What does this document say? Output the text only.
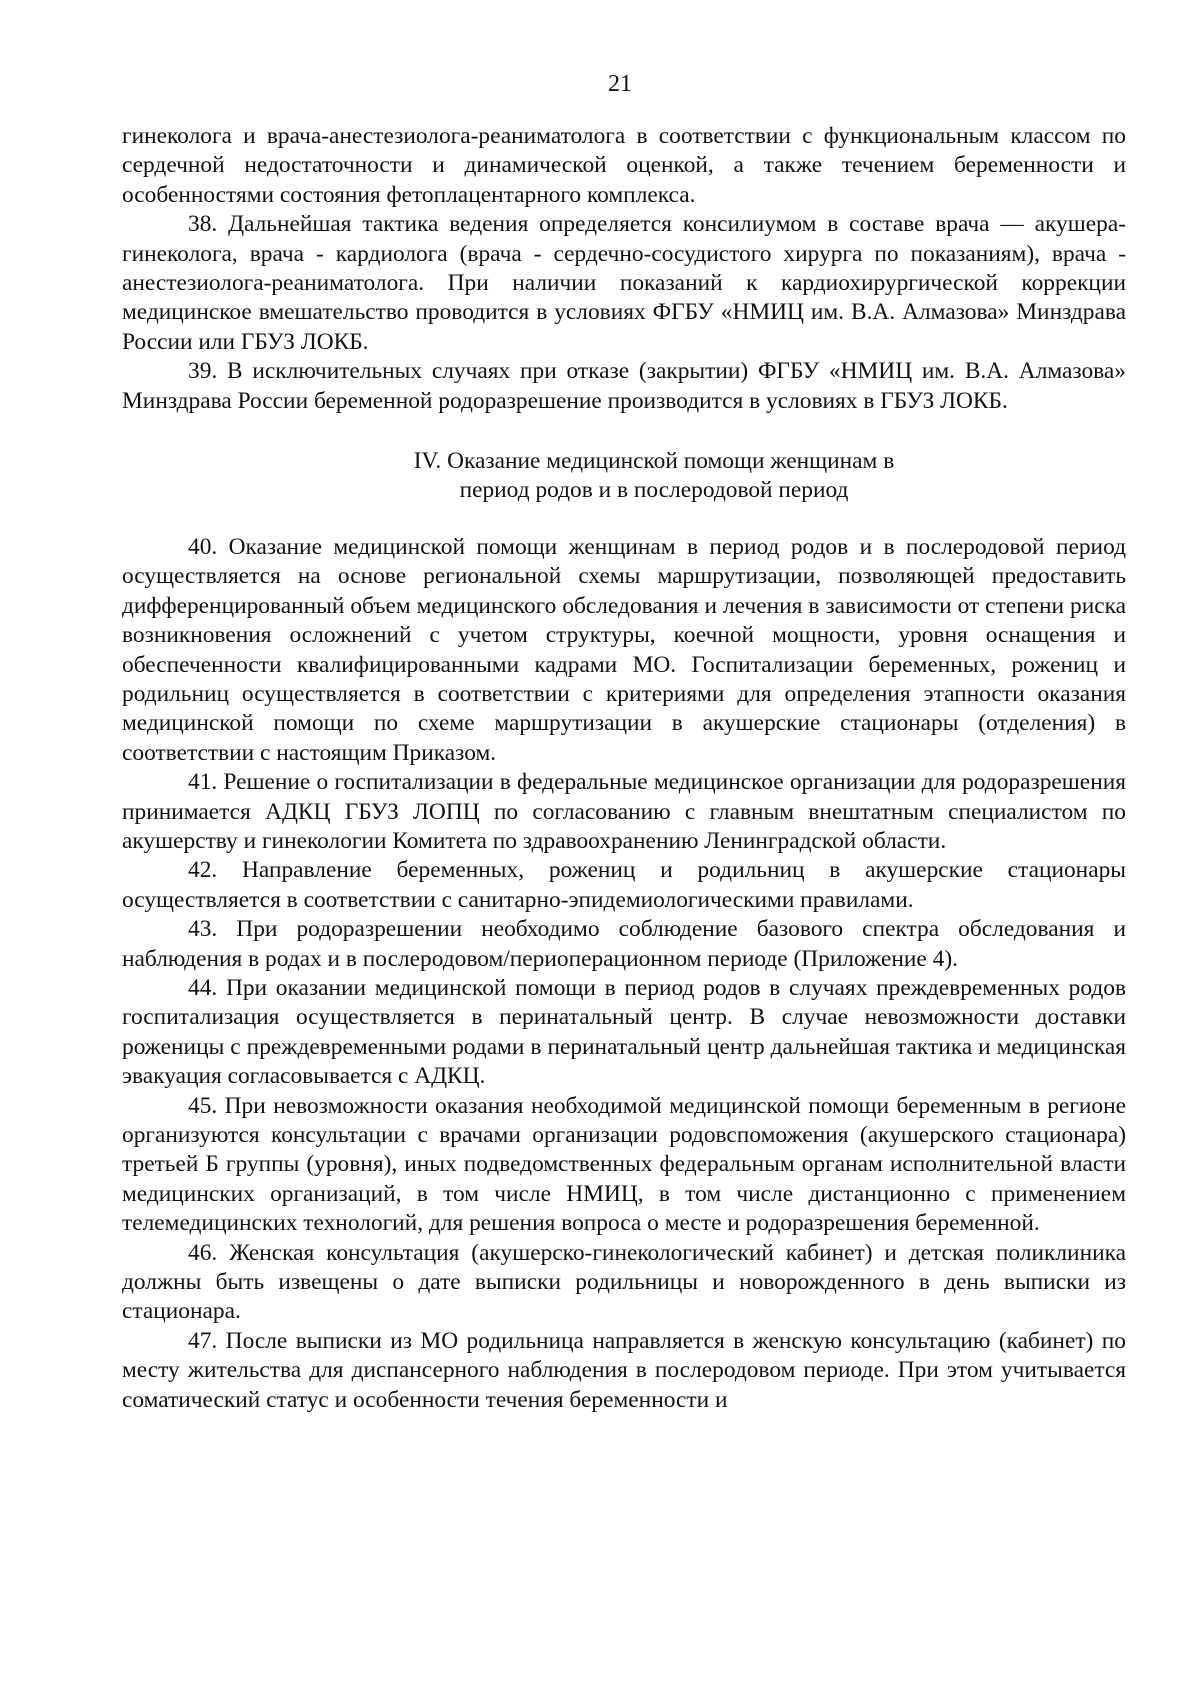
21

гинеколога и врача-анестезиолога-реаниматолога в соответствии с функциональным классом по сердечной недостаточности и динамической оценкой, а также течением беременности и особенностями состояния фетоплацентарного комплекса.

38. Дальнейшая тактика ведения определяется консилиумом в составе врача — акушера-гинеколога, врача - кардиолога (врача - сердечно-сосудистого хирурга по показаниям), врача - анестезиолога-реаниматолога. При наличии показаний к кардиохирургической коррекции медицинское вмешательство проводится в условиях ФГБУ «НМИЦ им. В.А. Алмазова» Минздрава России или ГБУЗ ЛОКБ.

39. В исключительных случаях при отказе (закрытии) ФГБУ «НМИЦ им. В.А. Алмазова» Минздрава России беременной родоразрешение производится в условиях в ГБУЗ ЛОКБ.

IV. Оказание медицинской помощи женщинам в
период родов и в послеродовой период

40. Оказание медицинской помощи женщинам в период родов и в послеродовой период осуществляется на основе региональной схемы маршрутизации, позволяющей предоставить дифференцированный объем медицинского обследования и лечения в зависимости от степени риска возникновения осложнений с учетом структуры, коечной мощности, уровня оснащения и обеспеченности квалифицированными кадрами МО. Госпитализации беременных, рожениц и родильниц осуществляется в соответствии с критериями для определения этапности оказания медицинской помощи по схеме маршрутизации в акушерские стационары (отделения) в соответствии с настоящим Приказом.

41. Решение о госпитализации в федеральные медицинское организации для родоразрешения принимается АДКЦ ГБУЗ ЛОПЦ по согласованию с главным внештатным специалистом по акушерству и гинекологии Комитета по здравоохранению Ленинградской области.

42. Направление беременных, рожениц и родильниц в акушерские стационары осуществляется в соответствии с санитарно-эпидемиологическими правилами.

43. При родоразрешении необходимо соблюдение базового спектра обследования и наблюдения в родах и в послеродовом/периоперационном периоде (Приложение 4).

44. При оказании медицинской помощи в период родов в случаях преждевременных родов госпитализация осуществляется в перинатальный центр. В случае невозможности доставки роженицы с преждевременными родами в перинатальный центр дальнейшая тактика и медицинская эвакуация согласовывается с АДКЦ.

45. При невозможности оказания необходимой медицинской помощи беременным в регионе организуются консультации с врачами организации родовспоможения (акушерского стационара) третьей Б группы (уровня), иных подведомственных федеральным органам исполнительной власти медицинских организаций, в том числе НМИЦ, в том числе дистанционно с применением телемедицинских технологий, для решения вопроса о месте и родоразрешения беременной.

46. Женская консультация (акушерско-гинекологический кабинет) и детская поликлиника должны быть извещены о дате выписки родильницы и новорожденного в день выписки из стационара.

47. После выписки из МО родильница направляется в женскую консультацию (кабинет) по месту жительства для диспансерного наблюдения в послеродовом периоде. При этом учитывается соматический статус и особенности течения беременности и
